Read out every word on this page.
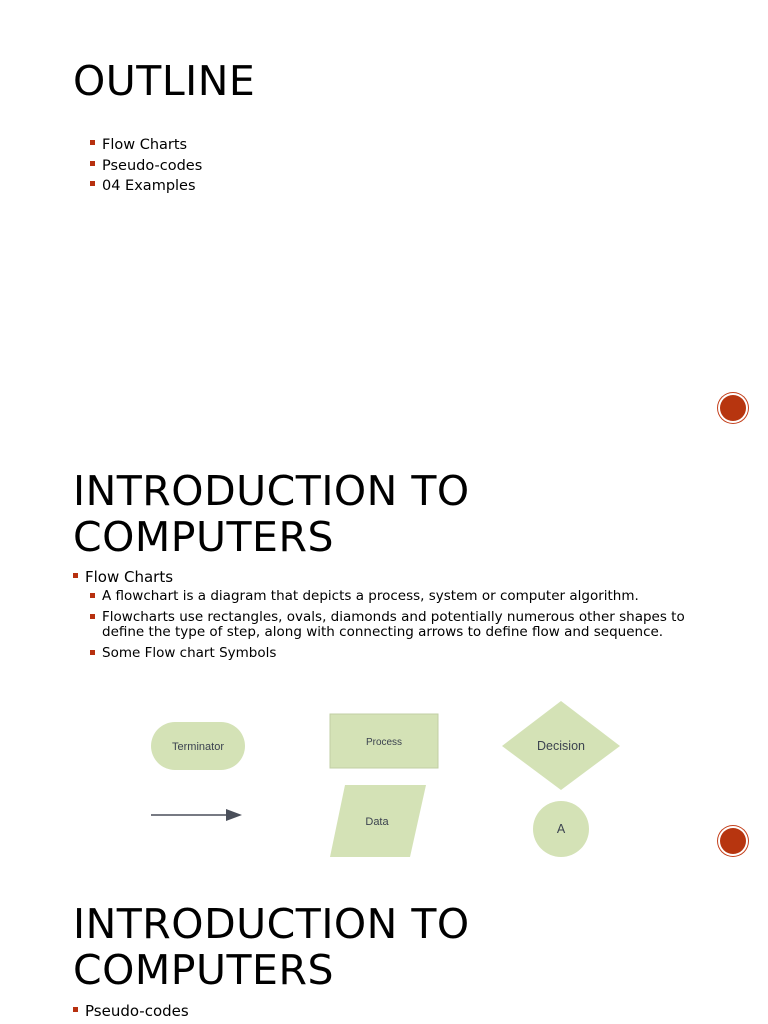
OUTLINE
Flow Charts
Pseudo-codes
04 Examples
INTRODUCTION TO
COMPUTERS
Flow Charts
A flowchart is a diagram that depicts a process, system or computer algorithm.
Flowcharts use rectangles, ovals, diamonds and potentially numerous other shapes to define the type of step, along with connecting arrows to define flow and sequence.
Some Flow chart Symbols
Terminator	Process	Decision
Data	A
INTRODUCTION TO
COMPUTERS
Pseudo-codes
